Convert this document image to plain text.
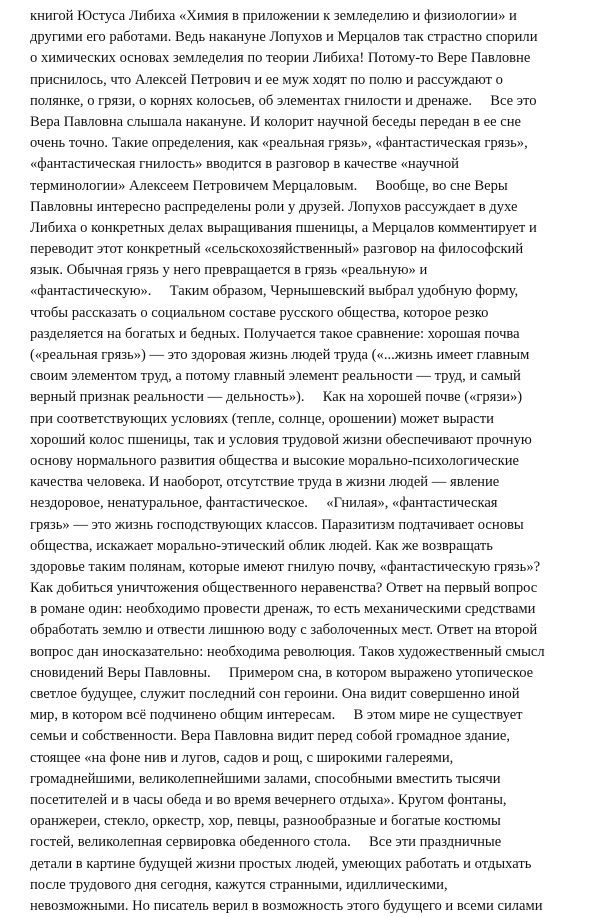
книгой Юстуса Либиха «Химия в приложении к земледелию и физиологии» и
другими его работами. Ведь накануне Лопухов и Мерцалов так страстно спорили
о химических основах земледелия по теории Либиха! Потому-то Вере Павловне
приснилось, что Алексей Петрович и ее муж ходят по полю и рассуждают о
полянке, о грязи, о корнях колосьев, об элементах гнилости и дренаже.     Все это
Вера Павловна слышала накануне. И колорит научной беседы передан в ее сне
очень точно. Такие определения, как «реальная грязь», «фантастическая грязь»,
«фантастическая гнилость» вводится в разговор в качестве «научной
терминологии» Алексеем Петровичем Мерцаловым.     Вообще, во сне Веры
Павловны интересно распределены роли у друзей. Лопухов рассуждает в духе
Либиха о конкретных делах выращивания пшеницы, а Мерцалов комментирует и
переводит этот конкретный «сельскохозяйственный» разговор на философский
язык. Обычная грязь у него превращается в грязь «реальную» и
«фантастическую».     Таким образом, Чернышевский выбрал удобную форму,
чтобы рассказать о социальном составе русского общества, которое резко
разделяется на богатых и бедных. Получается такое сравнение: хорошая почва
(«реальная грязь») — это здоровая жизнь людей труда («...жизнь имеет главным
своим элементом труд, а потому главный элемент реальности — труд, и самый
верный признак реальности — дельность»).     Как на хорошей почве («грязи»)
при соответствующих условиях (тепле, солнце, орошении) может вырасти
хороший колос пшеницы, так и условия трудовой жизни обеспечивают прочную
основу нормального развития общества и высокие морально-психологические
качества человека. И наоборот, отсутствие труда в жизни людей — явление
нездоровое, ненатуральное, фантастическое.     «Гнилая», «фантастическая
грязь» — это жизнь господствующих классов. Паразитизм подтачивает основы
общества, искажает морально-этический облик людей. Как же возвращать
здоровье таким полянам, которые имеют гнилую почву, «фантастическую грязь»?
Как добиться уничтожения общественного неравенства? Ответ на первый вопрос
в романе один: необходимо провести дренаж, то есть механическими средствами
обработать землю и отвести лишнюю воду с заболоченных мест. Ответ на второй
вопрос дан иносказательно: необходима революция. Таков художественный смысл
сновидений Веры Павловны.     Примером сна, в котором выражено утопическое
светлое будущее, служит последний сон героини. Она видит совершенно иной
мир, в котором всё подчинено общим интересам.     В этом мире не существует
семьи и собственности. Вера Павловна видит перед собой громадное здание,
стоящее «на фоне нив и лугов, садов и рощ, с широкими галереями,
громаднейшими, великолепнейшими залами, способными вместить тысячи
посетителей и в часы обеда и во время вечернего отдыха». Кругом фонтаны,
оранжереи, стекло, оркестр, хор, певцы, разнообразные и богатые костюмы
гостей, великолепная сервировка обеденного стола.     Все эти праздничные
детали в картине будущей жизни простых людей, умеющих работать и отдыхать
после трудового дня сегодня, кажутся странными, идиллическими,
невозможными. Но писатель верил в возможность этого будущего и всеми силами
